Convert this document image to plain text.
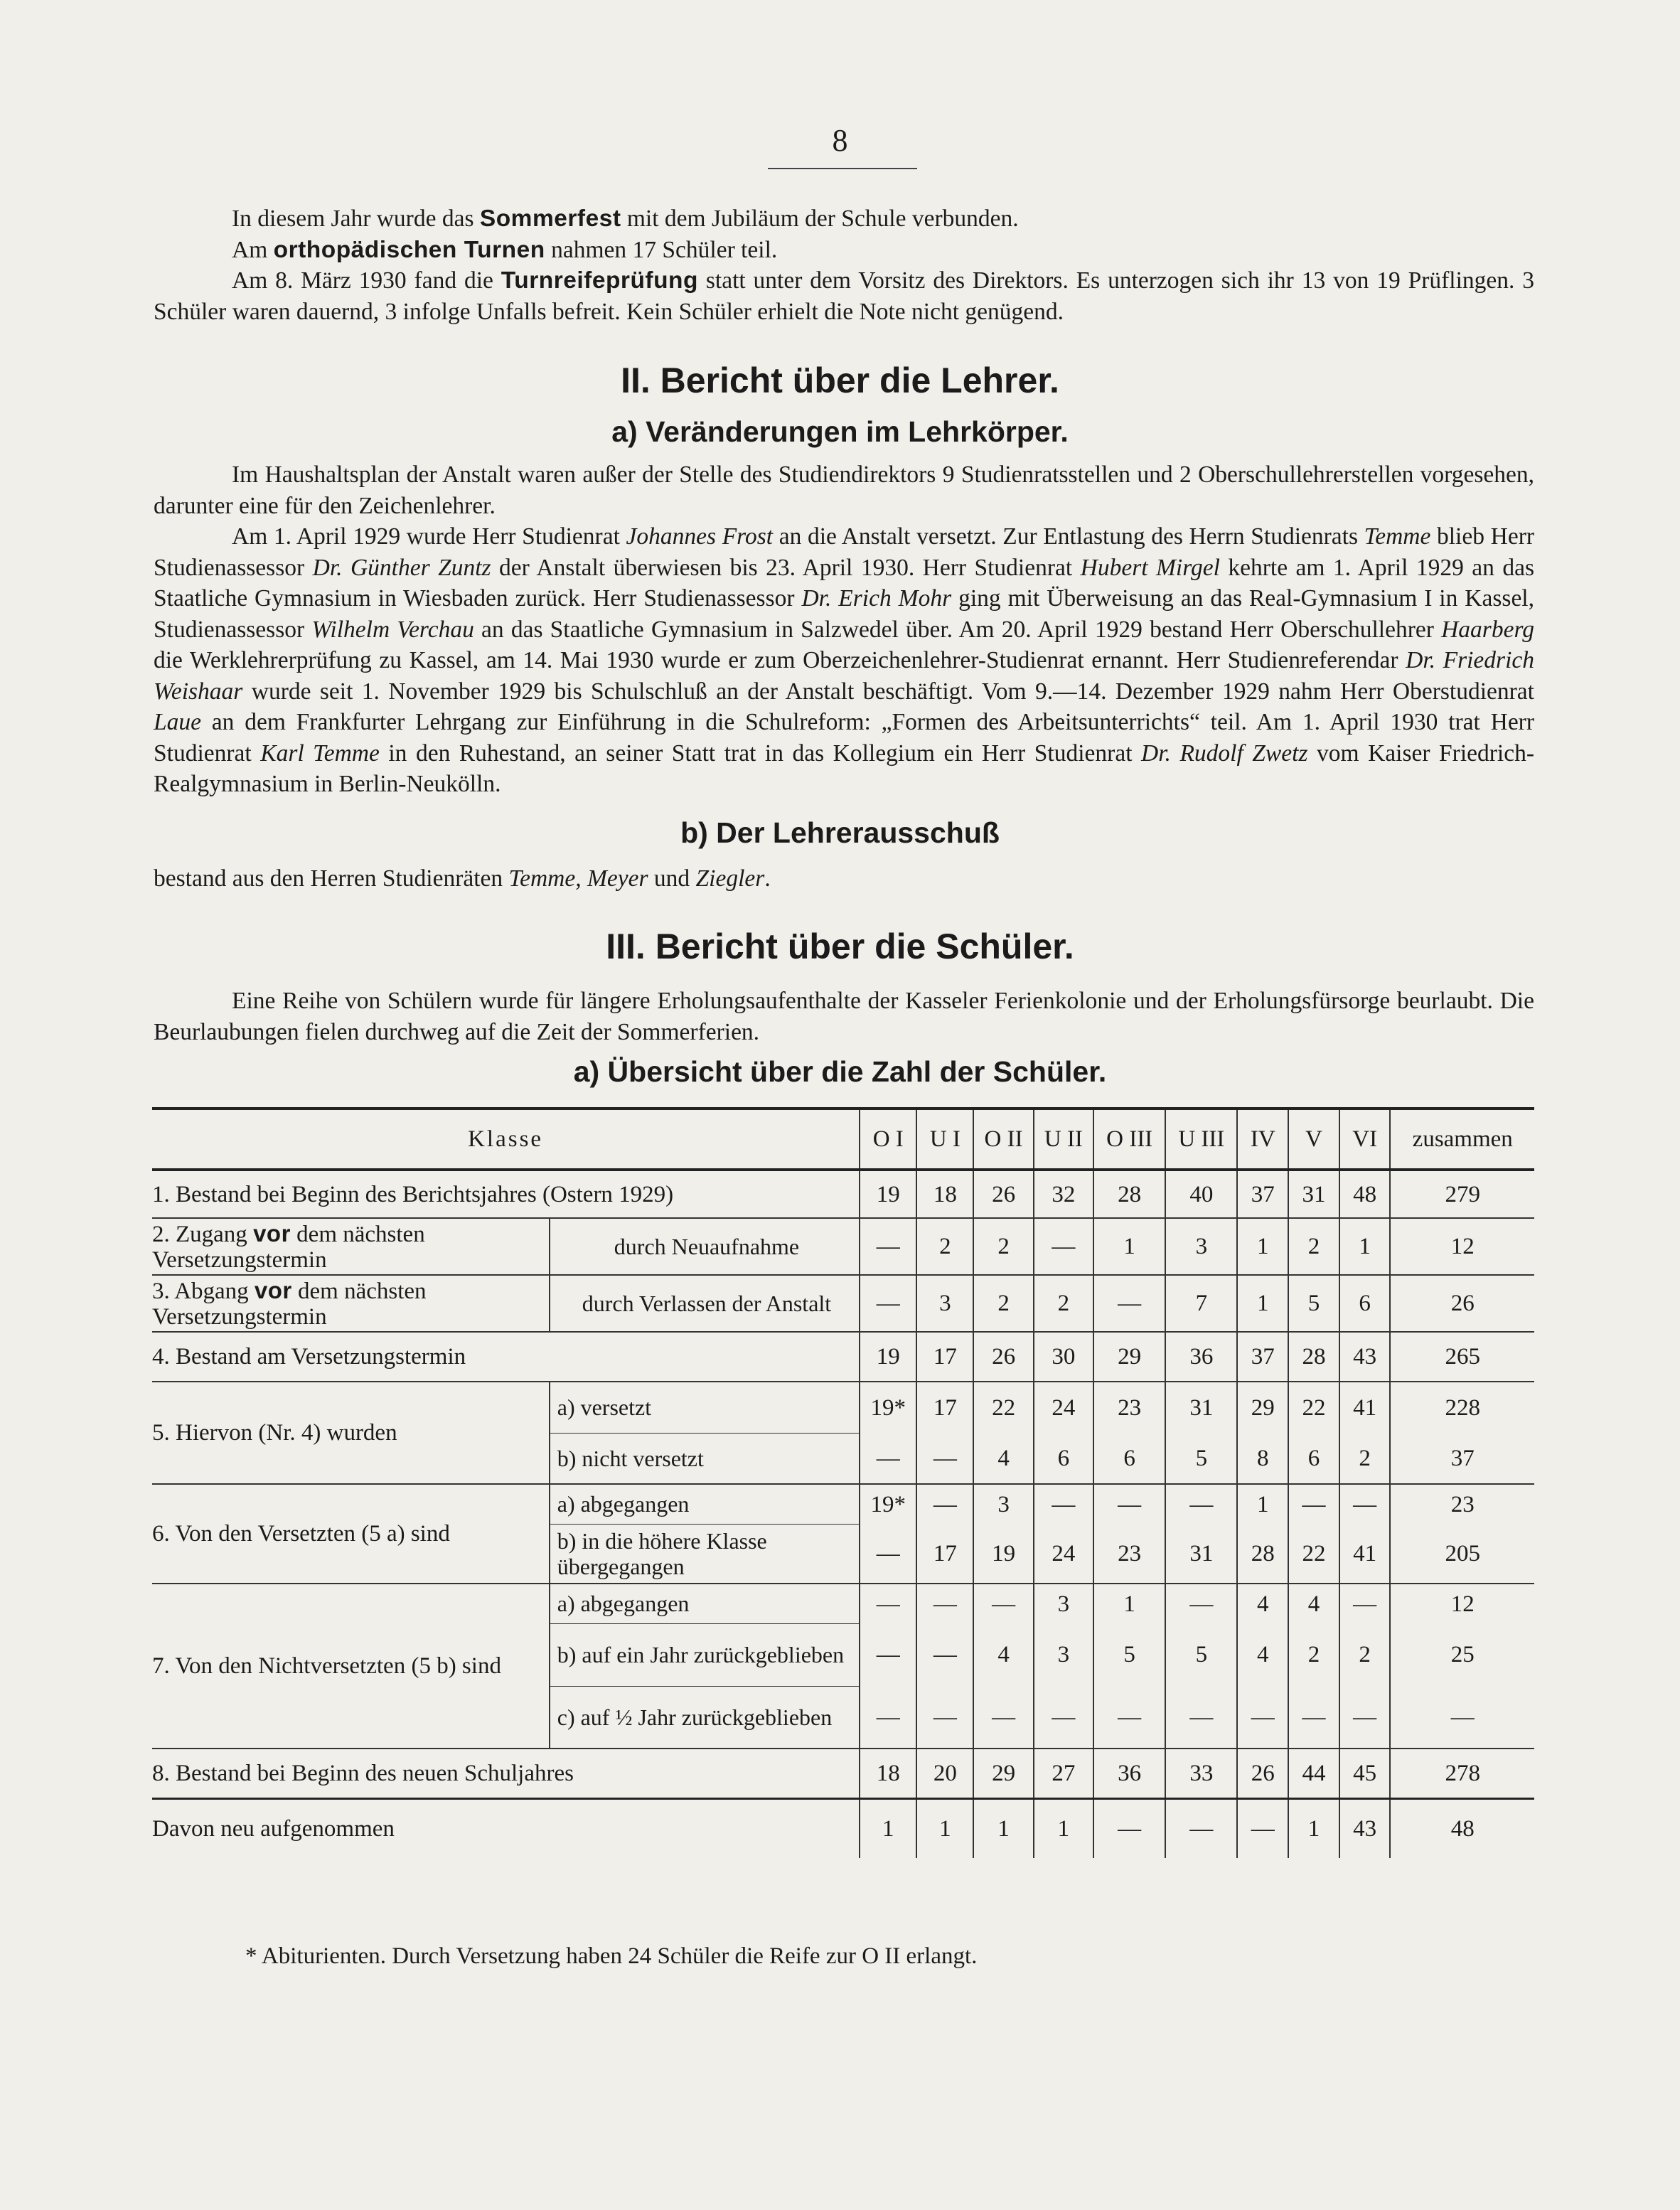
8

In diesem Jahr wurde das Sommerfest mit dem Jubiläum der Schule verbunden.

Am orthopädischen Turnen nahmen 17 Schüler teil.

Am 8. März 1930 fand die Turnreifeprüfung statt unter dem Vorsitz des Direktors. Es unterzogen sich ihr 13 von 19 Prüflingen. 3 Schüler waren dauernd, 3 infolge Unfalls befreit. Kein Schüler erhielt die Note nicht genügend.

II. Bericht über die Lehrer.
a) Veränderungen im Lehrkörper.

Im Haushaltsplan der Anstalt waren außer der Stelle des Studiendirektors 9 Studienratsstellen und 2 Oberschullehrerstellen vorgesehen, darunter eine für den Zeichenlehrer.

Am 1. April 1929 wurde Herr Studienrat Johannes Frost an die Anstalt versetzt. Zur Entlastung des Herrn Studienrats Temme blieb Herr Studienassessor Dr. Günther Zuntz der Anstalt überwiesen bis 23. April 1930. Herr Studienrat Hubert Mirgel kehrte am 1. April 1929 an das Staatliche Gymnasium in Wiesbaden zurück. Herr Studienassessor Dr. Erich Mohr ging mit Überweisung an das Real-Gymnasium I in Kassel, Studienassessor Wilhelm Verchau an das Staatliche Gymnasium in Salzwedel über. Am 20. April 1929 bestand Herr Oberschullehrer Haarberg die Werklehrerprüfung zu Kassel, am 14. Mai 1930 wurde er zum Oberzeichenlehrer-Studienrat ernannt. Herr Studienreferendar Dr. Friedrich Weishaar wurde seit 1. November 1929 bis Schulschluß an der Anstalt beschäftigt. Vom 9.—14. Dezember 1929 nahm Herr Oberstudienrat Laue an dem Frankfurter Lehrgang zur Einführung in die Schulreform: „Formen des Arbeitsunterrichts“ teil. Am 1. April 1930 trat Herr Studienrat Karl Temme in den Ruhestand, an seiner Statt trat in das Kollegium ein Herr Studienrat Dr. Rudolf Zwetz vom Kaiser Friedrich-Realgymnasium in Berlin-Neukölln.

b) Der Lehrerausschuß

bestand aus den Herren Studienräten Temme, Meyer und Ziegler.

III. Bericht über die Schüler.

Eine Reihe von Schülern wurde für längere Erholungsaufenthalte der Kasseler Ferienkolonie und der Erholungsfürsorge beurlaubt. Die Beurlaubungen fielen durchweg auf die Zeit der Sommerferien.

a) Übersicht über die Zahl der Schüler.
Klasse		O I	U I	O II	U II	O III	U III	IV	V	VI	zusammen
1. Bestand bei Beginn des Berichtsjahres (Ostern 1929)		19	18	26	32	28	40	37	31	48	279
2. Zugang vor dem nächsten Versetzungstermin	durch Neuaufnahme	—	2	2	—	1	3	1	2	1	12
3. Abgang vor dem nächsten Versetzungstermin	durch Verlassen der Anstalt	—	3	2	2	—	7	1	5	6	26
4. Bestand am Versetzungstermin		19	17	26	30	29	36	37	28	43	265
5. Hiervon (Nr. 4) wurden	a) versetzt	19*	17	22	24	23	31	29	22	41	228
	b) nicht versetzt	—	—	4	6	6	5	8	6	2	37
6. Von den Versetzten (5 a) sind	a) abgegangen	19*	—	3	—	—	—	1	—	—	23
	b) in die höhere Klasse übergegangen	—	17	19	24	23	31	28	22	41	205
7. Von den Nichtversetzten (5 b) sind	a) abgegangen	—	—	—	3	1	—	4	4	—	12
	b) auf ein Jahr zurückgeblieben	—	—	4	3	5	5	4	2	2	25
	c) auf ½ Jahr zurückgeblieben	—	—	—	—	—	—	—	—	—	—
8. Bestand bei Beginn des neuen Schuljahres		18	20	29	27	36	33	26	44	45	278
Davon neu aufgenommen		1	1	1	1	—	—	—	1	43	48
* Abiturienten. Durch Versetzung haben 24 Schüler die Reife zur O II erlangt.
